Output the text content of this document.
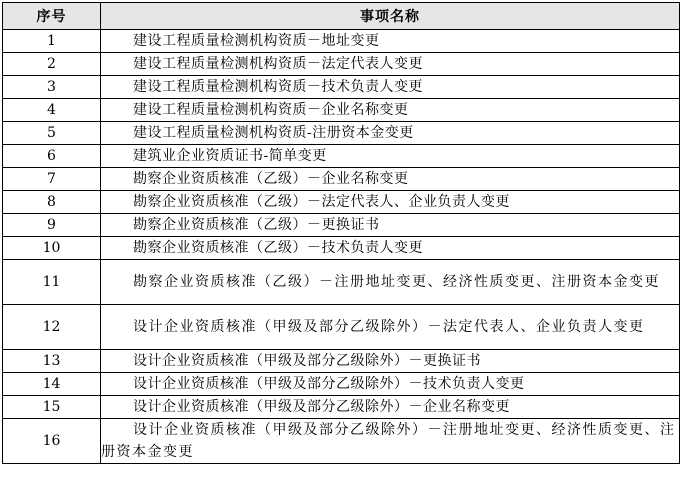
序号	事项名称
1	建设工程质量检测机构资质－地址变更
2	建设工程质量检测机构资质－法定代表人变更
3	建设工程质量检测机构资质－技术负责人变更
4	建设工程质量检测机构资质－企业名称变更
5	建设工程质量检测机构资质-注册资本金变更
6	建筑业企业资质证书-简单变更
7	勘察企业资质核准（乙级）－企业名称变更
8	勘察企业资质核准（乙级）－法定代表人、企业负责人变更
9	勘察企业资质核准（乙级）－更换证书
10	勘察企业资质核准（乙级）－技术负责人变更
11	勘察企业资质核准（乙级）－注册地址变更、经济性质变更、注册资本金变更
12	设计企业资质核准（甲级及部分乙级除外）－法定代表人、企业负责人变更
13	设计企业资质核准（甲级及部分乙级除外）－更换证书
14	设计企业资质核准（甲级及部分乙级除外）－技术负责人变更
15	设计企业资质核准（甲级及部分乙级除外）－企业名称变更
16	设计企业资质核准（甲级及部分乙级除外）－注册地址变更、经济性质变更、注册资本金变更
